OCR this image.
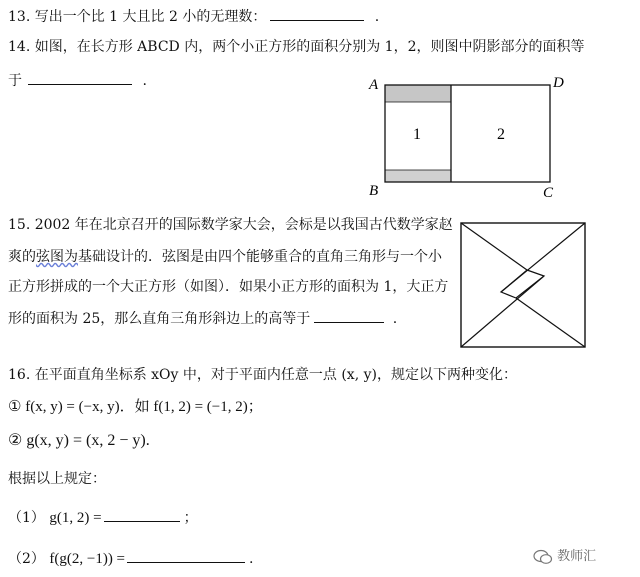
13. 写出一个比 1 大且比 2 小的无理数：	.
14. 如图，在长方形 ABCD 内，两个小正方形的面积分别为 1，2，则图中阴影部分的面积等
于	.	A	D
B	C
1	2
15. 2002 年在北京召开的国际数学家大会，会标是以我国古代数学家赵
爽的弦图为基础设计的．弦图是由四个能够重合的直角三角形与一个小
正方形拼成的一个大正方形（如图）．如果小正方形的面积为 1，大正方
形的面积为 25，那么直角三角形斜边上的高等于	.
16. 在平面直角坐标系 xOy 中，对于平面内任意一点 (x, y)，规定以下两种变化：
① f(x, y) = (−x, y)．如 f(1, 2) = (−1, 2)；
② g(x, y) = (x, 2 − y).
根据以上规定：
（1） g(1, 2) =	；
（2） f(g(2, −1)) =	.	教师汇
